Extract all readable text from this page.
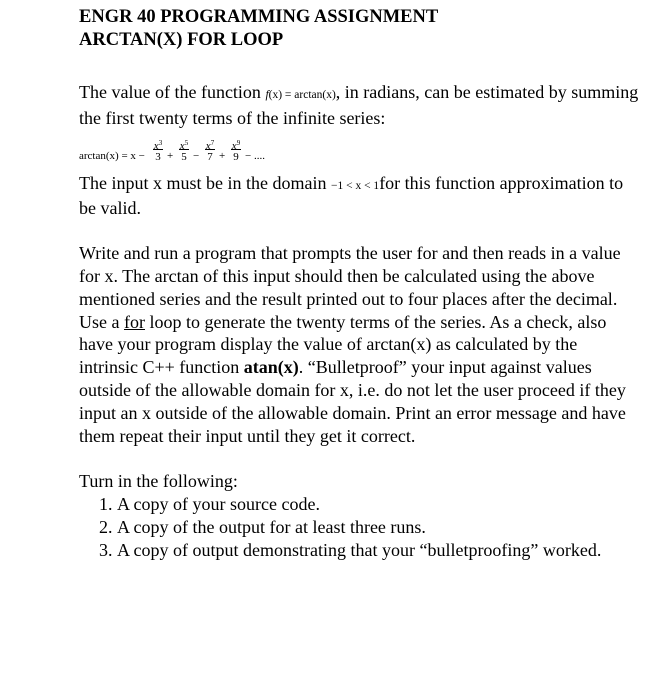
ENGR 40 PROGRAMMING ASSIGNMENT
ARCTAN(X) FOR LOOP

The value of the function f(x) = arctan(x), in radians, can be estimated by summing the first twenty terms of the infinite series:

arctan(x) = x −
$x^3$
3 +
$x^5$
5 −
$x^7$
7 +
$x^9$
9 − ....

The input x must be in the domain −1 < x < 1for this function approximation to be valid.

Write and run a program that prompts the user for and then reads in a value for x. The arctan of this input should then be calculated using the above mentioned series and the result printed out to four places after the decimal. Use a for loop to generate the twenty terms of the series. As a check, also have your program display the value of arctan(x) as calculated by the intrinsic C++ function atan(x). “Bulletproof” your input against values outside of the allowable domain for x, i.e. do not let the user proceed if they input an x outside of the allowable domain. Print an error message and have them repeat their input until they get it correct.

Turn in the following:

1. A copy of your source code.
2. A copy of the output for at least three runs.
3. A copy of output demonstrating that your “bulletproofing” worked.
